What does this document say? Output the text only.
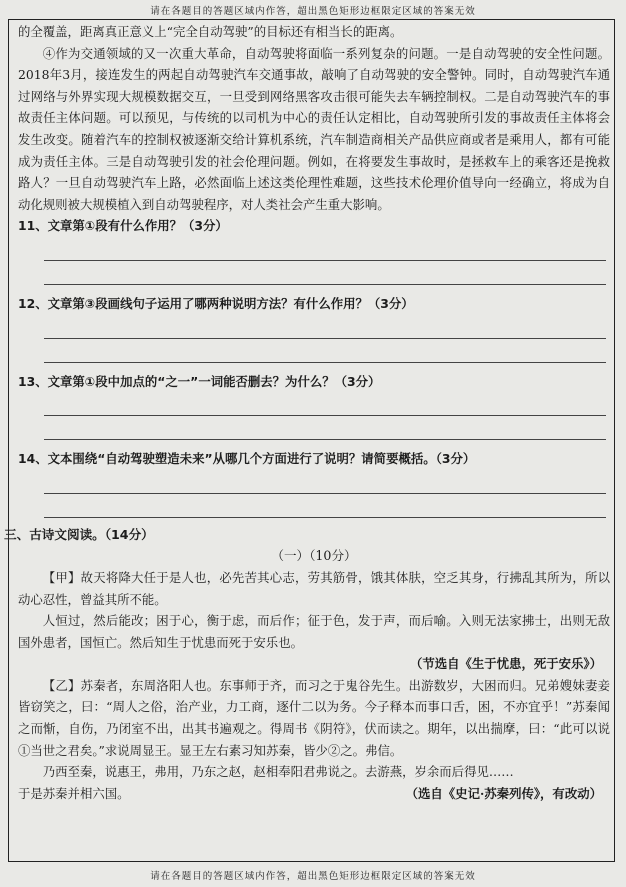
请在各题目的答题区域内作答，超出黑色矩形边框限定区域的答案无效

的全覆盖，距离真正意义上“完全自动驾驶”的目标还有相当长的距离。

④作为交通领域的又一次重大革命，自动驾驶将面临一系列复杂的问题。一是自动驾驶的安全性问题。2018年3月，接连发生的两起自动驾驶汽车交通事故，敲响了自动驾驶的安全警钟。同时，自动驾驶汽车通过网络与外界实现大规模数据交互，一旦受到网络黑客攻击很可能失去车辆控制权。二是自动驾驶汽车的事故责任主体问题。可以预见，与传统的以司机为中心的责任认定相比，自动驾驶所引发的事故责任主体将会发生改变。随着汽车的控制权被逐渐交给计算机系统，汽车制造商相关产品供应商或者是乘用人，都有可能成为责任主体。三是自动驾驶引发的社会伦理问题。例如，在将要发生事故时，是拯救车上的乘客还是挽救路人？一旦自动驾驶汽车上路，必然面临上述这类伦理性难题，这些技术伦理价值导向一经确立，将成为自动化规则被大规模植入到自动驾驶程序，对人类社会产生重大影响。

11、文章第①段有什么作用？（3分）

12、文章第③段画线句子运用了哪两种说明方法？有什么作用？（3分）

13、文章第①段中加点的“之一”一词能否删去？为什么？（3分）

14、文本围绕“自动驾驶塑造未来”从哪几个方面进行了说明？请简要概括。（3分）

三、古诗文阅读。（14分）

（一）（10分）

【甲】故天将降大任于是人也，必先苦其心志，劳其筋骨，饿其体肤，空乏其身，行拂乱其所为，所以动心忍性，曾益其所不能。

人恒过，然后能改；困于心，衡于虑，而后作；征于色，发于声，而后喻。入则无法家拂士，出则无敌国外患者，国恒亡。然后知生于忧患而死于安乐也。

（节选自《生于忧患，死于安乐》）

【乙】苏秦者，东周洛阳人也。东事师于齐，而习之于鬼谷先生。出游数岁，大困而归。兄弟嫂妹妻妾皆窃笑之，曰：“周人之俗，治产业，力工商，逐什二以为务。今子释本而事口舌，困，不亦宜乎！”苏秦闻之而惭，自伤，乃闭室不出，出其书遍观之。得周书《阴符》，伏而读之。期年，以出揣摩，曰：“此可以说①当世之君矣。”求说周显王。显王左右素习知苏秦，皆少②之。弗信。

乃西至秦，说惠王，弗用，乃东之赵，赵相奉阳君弗说之。去游燕，岁余而后得见……

于是苏秦并相六国。	（选自《史记·苏秦列传》，有改动）
请在各题目的答题区域内作答，超出黑色矩形边框限定区域的答案无效
